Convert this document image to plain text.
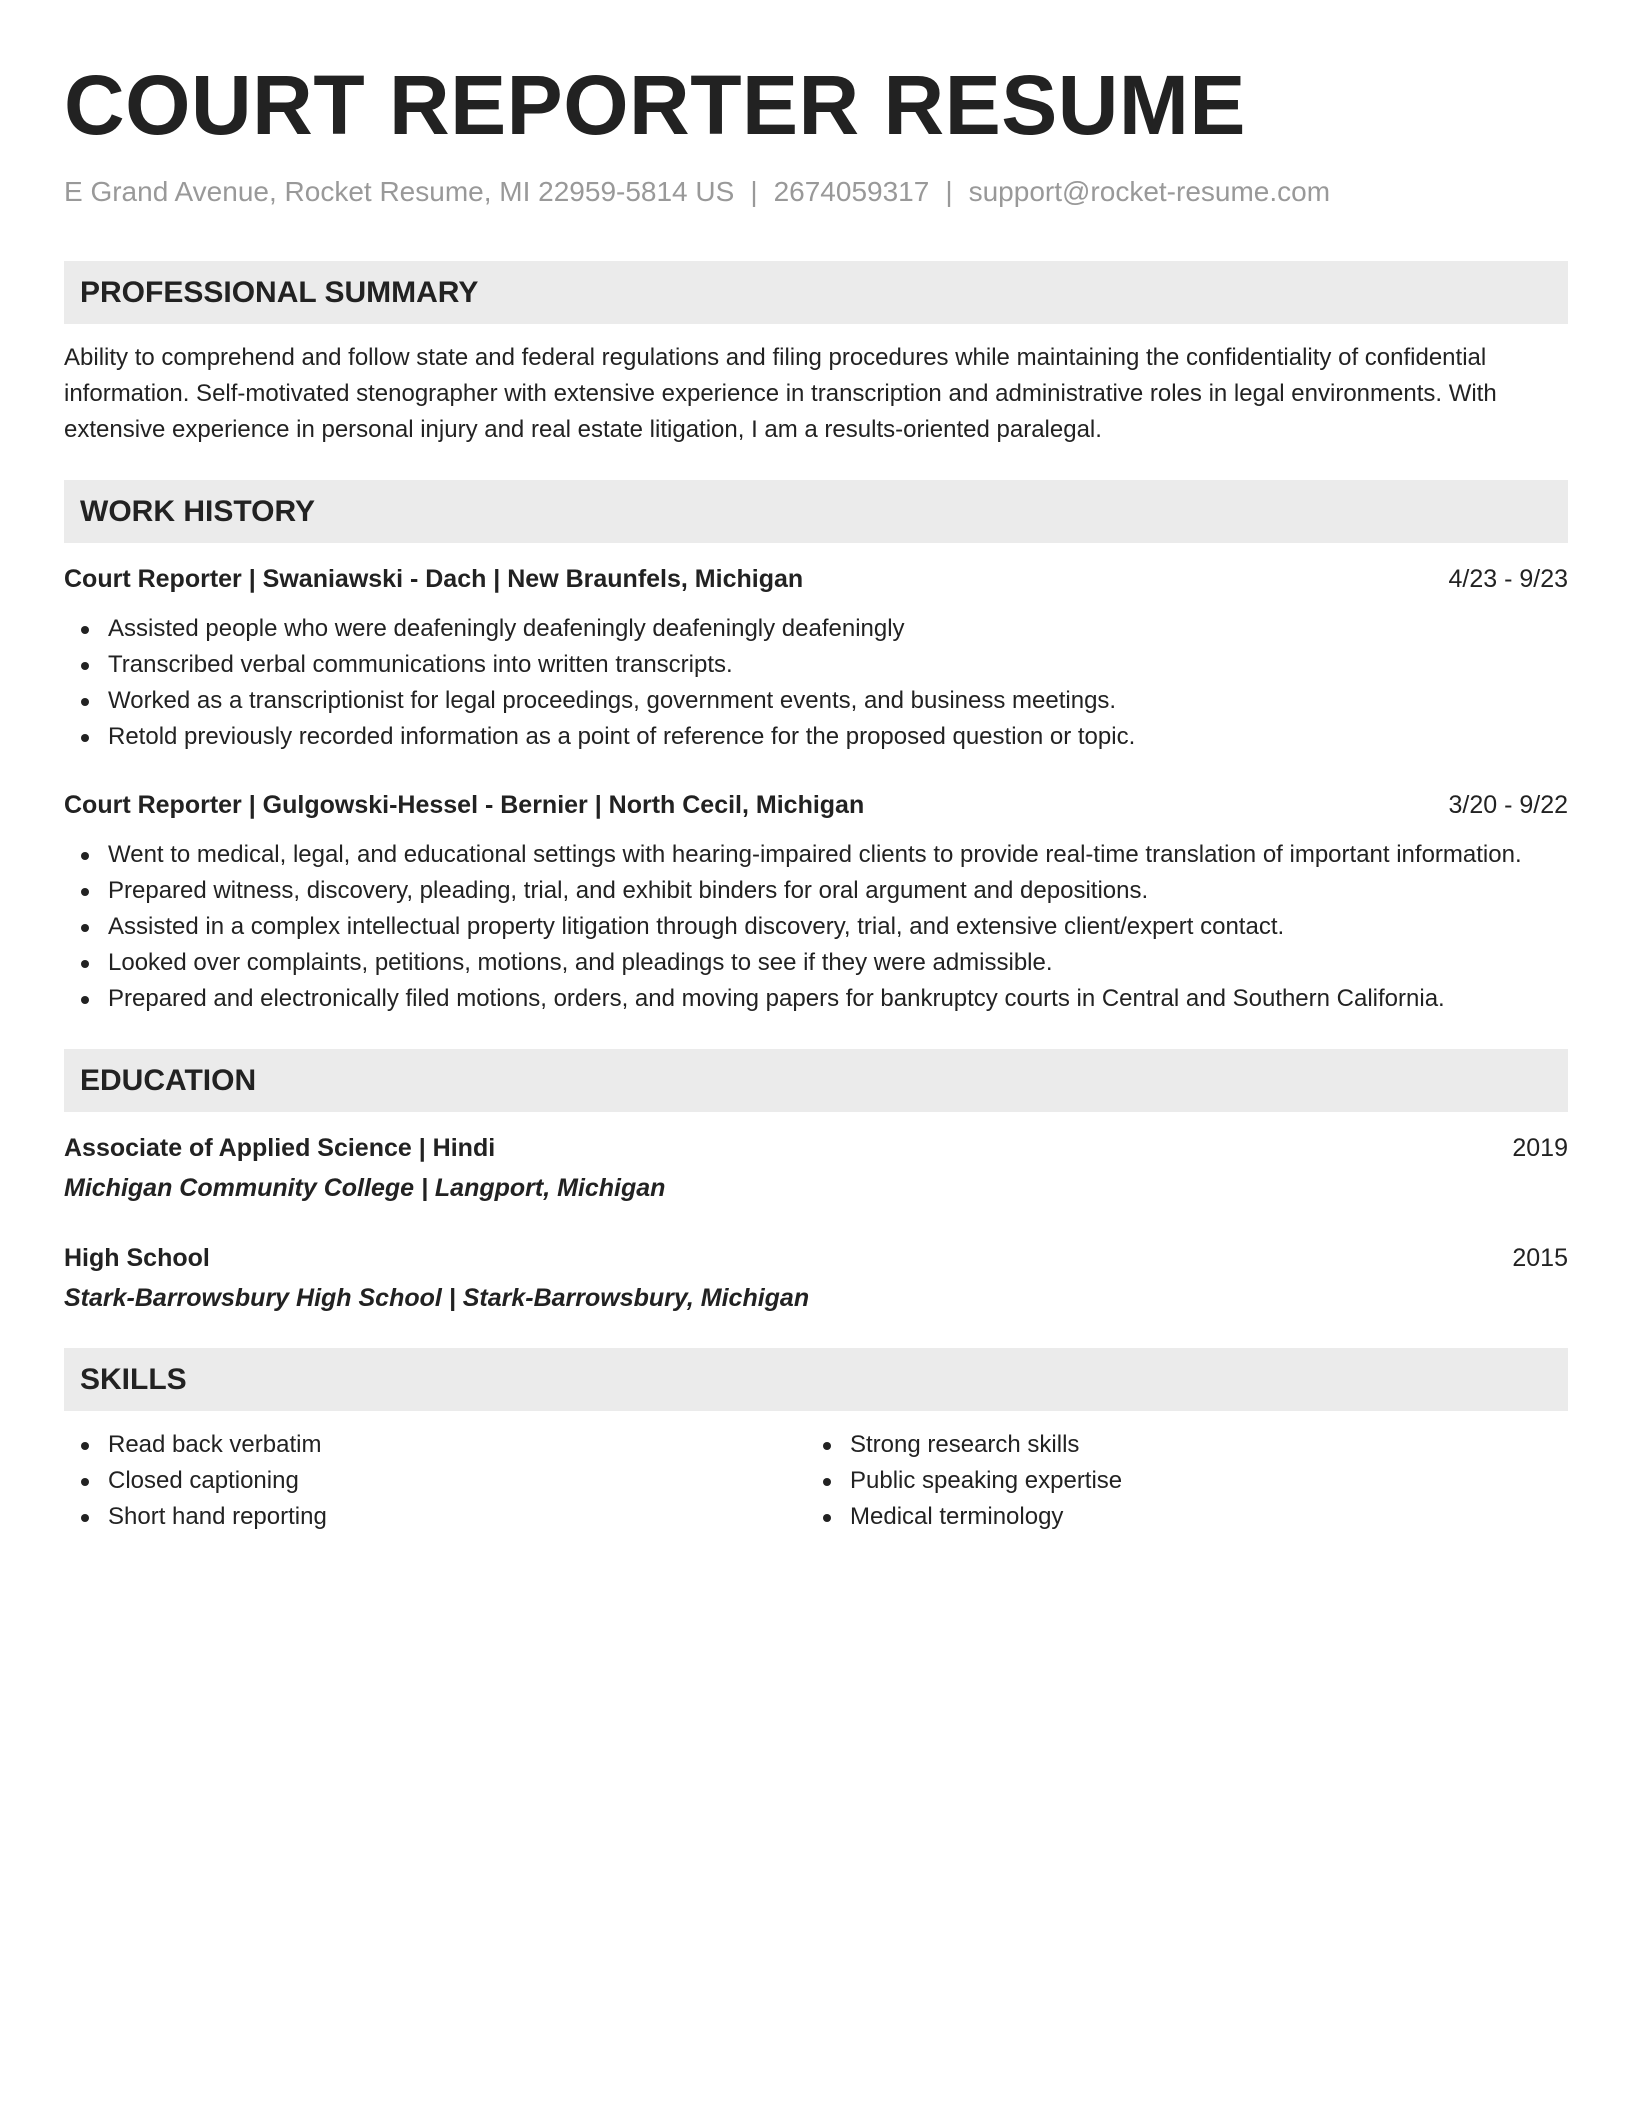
COURT REPORTER RESUME
E Grand Avenue, Rocket Resume, MI 22959-5814 US | 2674059317 | support@rocket-resume.com
PROFESSIONAL SUMMARY
Ability to comprehend and follow state and federal regulations and filing procedures while maintaining the confidentiality of confidential information. Self-motivated stenographer with extensive experience in transcription and administrative roles in legal environments. With extensive experience in personal injury and real estate litigation, I am a results-oriented paralegal.
WORK HISTORY
Court Reporter | Swaniawski - Dach | New Braunfels, Michigan	4/23 - 9/23
Assisted people who were deafeningly deafeningly deafeningly deafeningly
Transcribed verbal communications into written transcripts.
Worked as a transcriptionist for legal proceedings, government events, and business meetings.
Retold previously recorded information as a point of reference for the proposed question or topic.
Court Reporter | Gulgowski-Hessel - Bernier | North Cecil, Michigan	3/20 - 9/22
Went to medical, legal, and educational settings with hearing-impaired clients to provide real-time translation of important information.
Prepared witness, discovery, pleading, trial, and exhibit binders for oral argument and depositions.
Assisted in a complex intellectual property litigation through discovery, trial, and extensive client/expert contact.
Looked over complaints, petitions, motions, and pleadings to see if they were admissible.
Prepared and electronically filed motions, orders, and moving papers for bankruptcy courts in Central and Southern California.
EDUCATION
Associate of Applied Science | Hindi	2019
Michigan Community College | Langport, Michigan
High School	2015
Stark-Barrowsbury High School | Stark-Barrowsbury, Michigan
SKILLS
Read back verbatim
Closed captioning
Short hand reporting
Strong research skills
Public speaking expertise
Medical terminology
